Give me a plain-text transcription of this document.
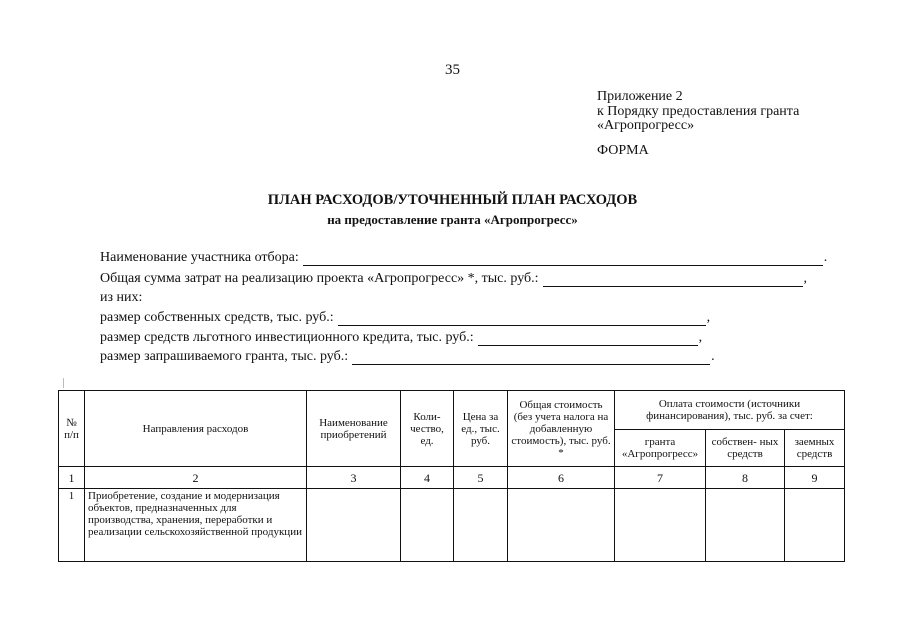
35
Приложение 2
к Порядку предоставления гранта
«Агропрогресс»
ФОРМА
ПЛАН РАСХОДОВ/УТОЧНЕННЫЙ ПЛАН РАСХОДОВ
на предоставление гранта «Агропрогресс»
Наименование участника отбора:	.
Общая сумма затрат на реализацию проекта «Агропрогресс» *, тыс. руб.:	,
из них:
размер собственных средств, тыс. руб.:	,
размер средств льготного инвестиционного кредита, тыс. руб.:	,
размер запрашиваемого гранта, тыс. руб.:	.
№ п/п	Направления расходов	Наименование приобретений	Коли- чество, ед.	Цена за ед., тыс. руб.	Общая стоимость (без учета налога на добавленную стоимость), тыс. руб. *	Оплата стоимости (источники финансирования), тыс. руб. за счет:		
						гранта «Агропрогресс»	собствен- ных средств	заемных средств
1	2	3	4	5	6	7	8	9
1	Приобретение, создание и модернизация объектов, предназначенных для производства, хранения, переработки и реализации сельскохозяйственной продукции							
